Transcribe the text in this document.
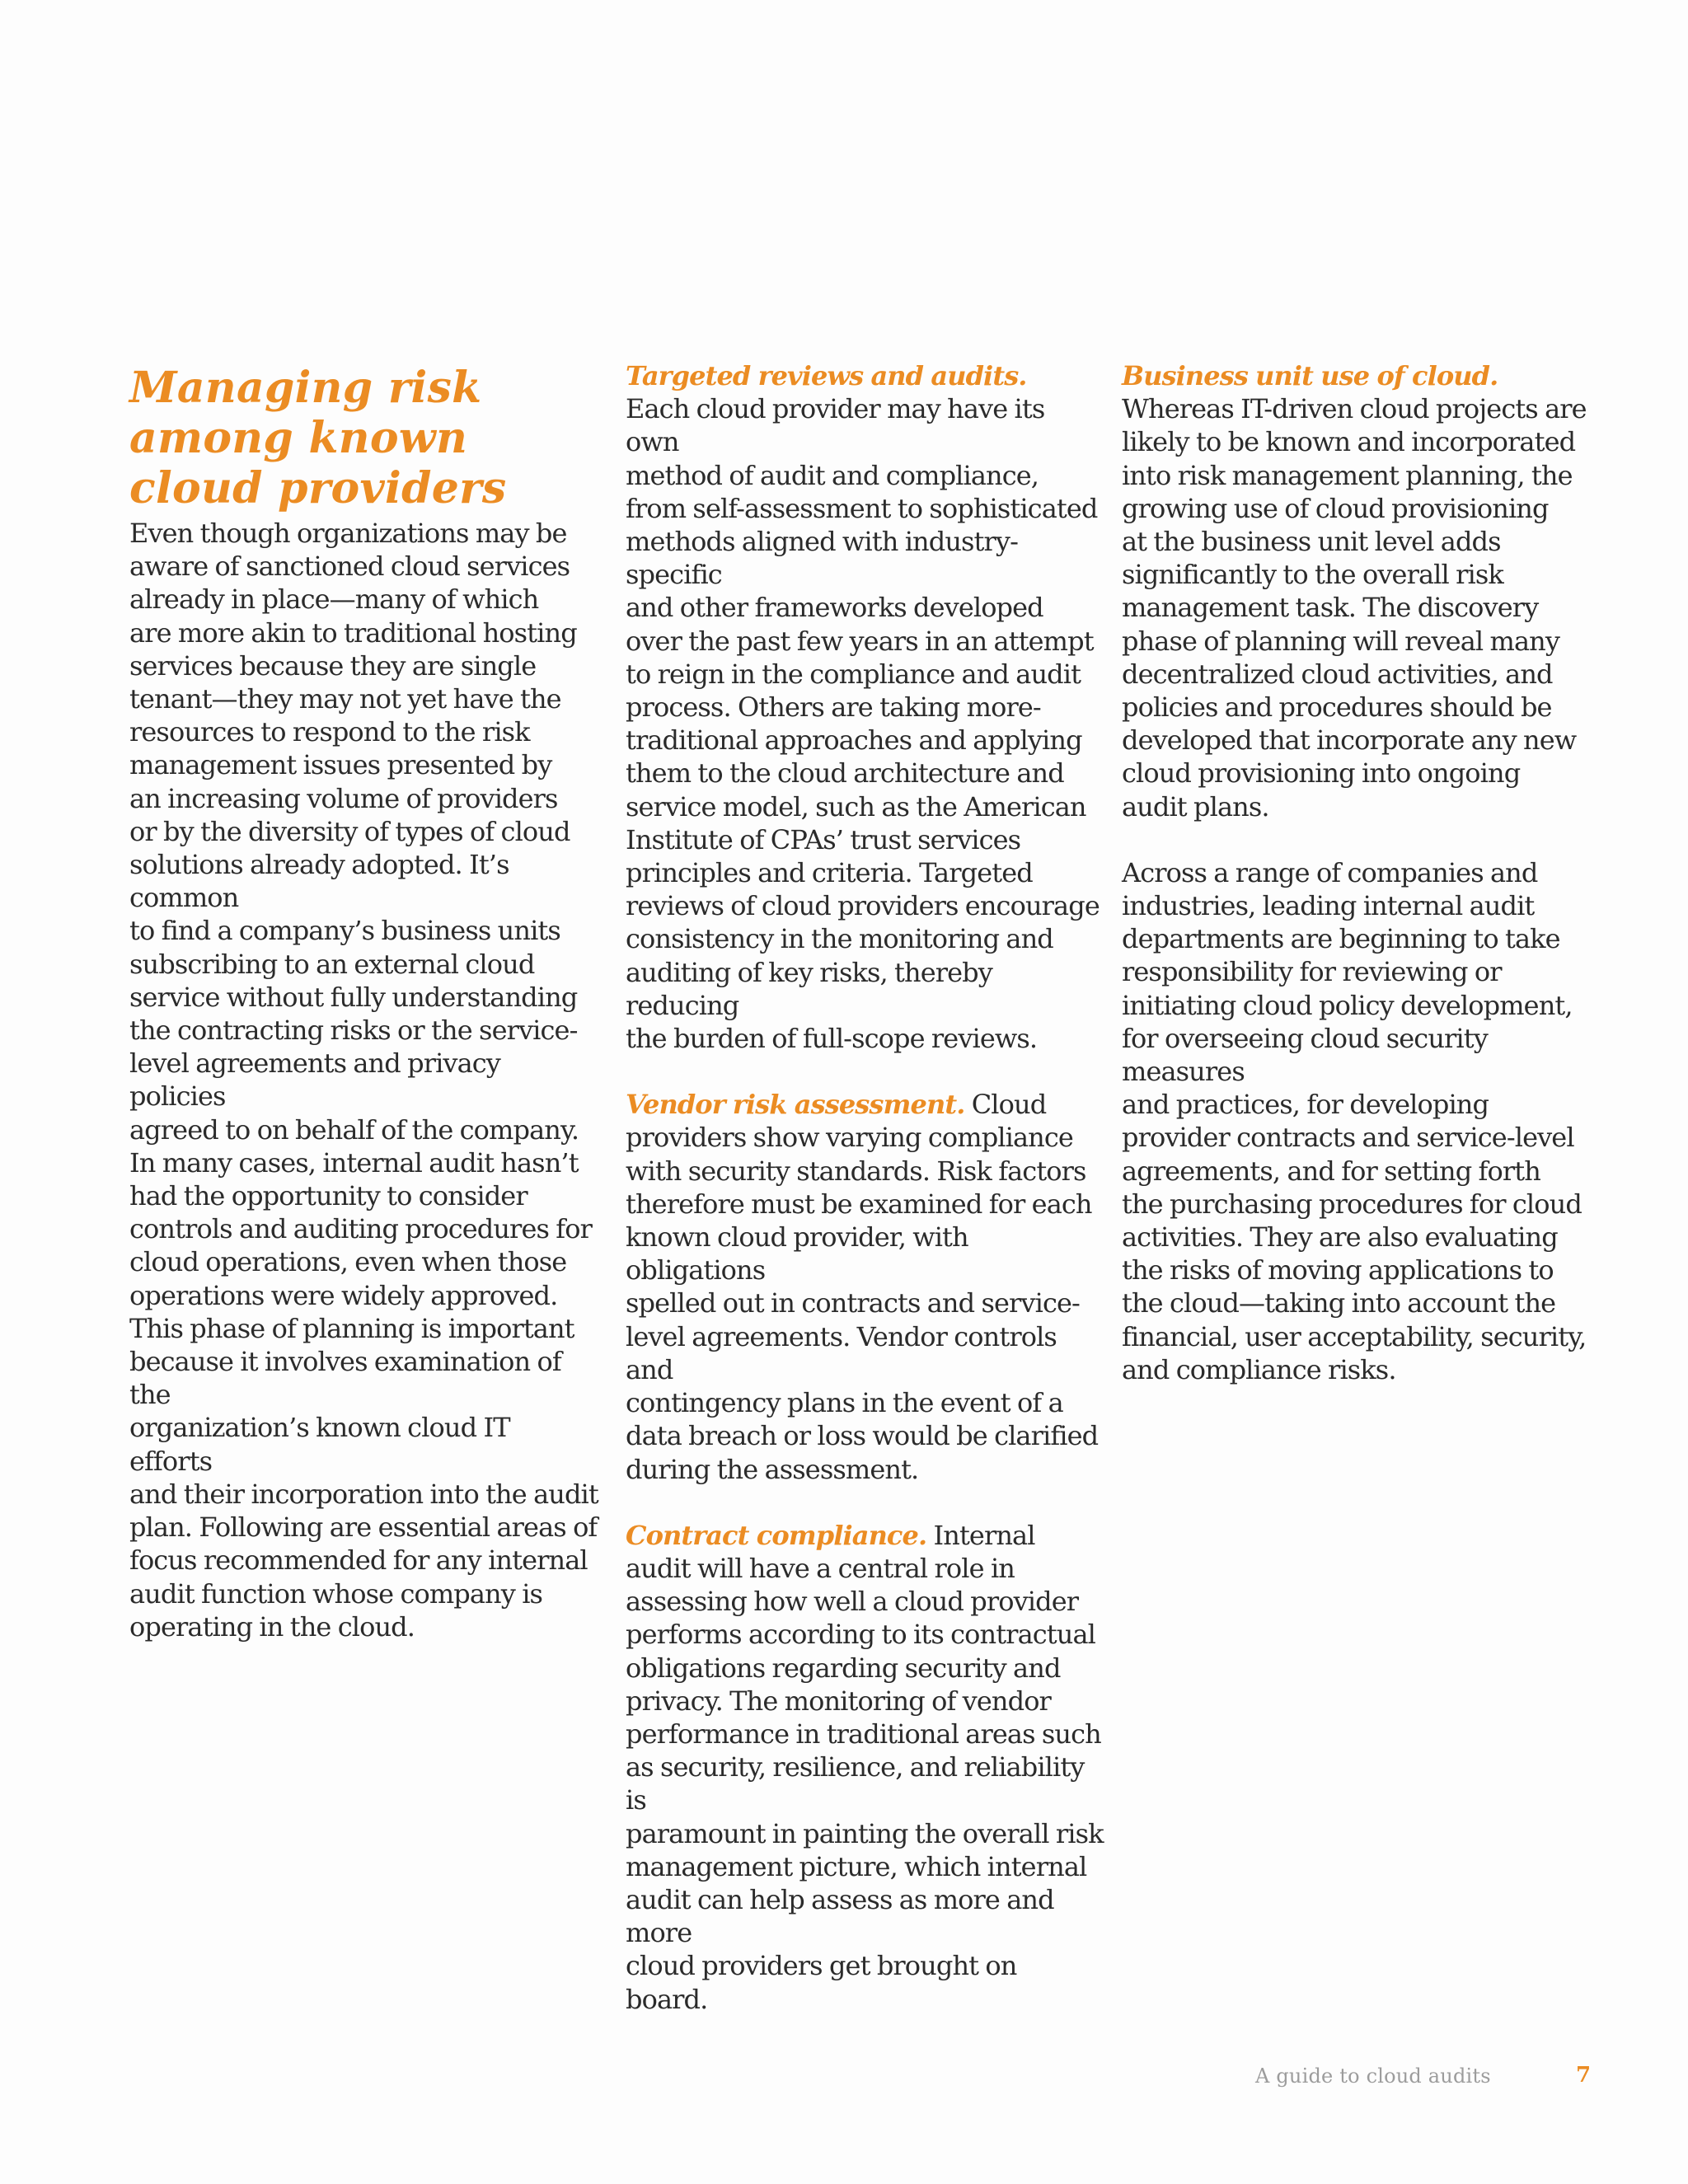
Managing risk
among known
cloud providers

Even though organizations may be
aware of sanctioned cloud services
already in place—many of which
are more akin to traditional hosting
services because they are single
tenant—they may not yet have the
resources to respond to the risk
management issues presented by
an increasing volume of providers
or by the diversity of types of cloud
solutions already adopted. It’s common
to find a company’s business units
subscribing to an external cloud
service without fully understanding
the contracting risks or the service-
level agreements and privacy policies
agreed to on behalf of the company.
In many cases, internal audit hasn’t
had the opportunity to consider
controls and auditing procedures for
cloud operations, even when those
operations were widely approved.
This phase of planning is important
because it involves examination of the
organization’s known cloud IT efforts
and their incorporation into the audit
plan. Following are essential areas of
focus recommended for any internal
audit function whose company is
operating in the cloud.

Targeted reviews and audits.
Each cloud provider may have its own
method of audit and compliance,
from self-assessment to sophisticated
methods aligned with industry-specific
and other frameworks developed
over the past few years in an attempt
to reign in the compliance and audit
process. Others are taking more-
traditional approaches and applying
them to the cloud architecture and
service model, such as the American
Institute of CPAs’ trust services
principles and criteria. Targeted
reviews of cloud providers encourage
consistency in the monitoring and
auditing of key risks, thereby reducing
the burden of full-scope reviews.

Vendor risk assessment. Cloud
providers show varying compliance
with security standards. Risk factors
therefore must be examined for each
known cloud provider, with obligations
spelled out in contracts and service-
level agreements. Vendor controls and
contingency plans in the event of a
data breach or loss would be clarified
during the assessment.

Contract compliance. Internal
audit will have a central role in
assessing how well a cloud provider
performs according to its contractual
obligations regarding security and
privacy. The monitoring of vendor
performance in traditional areas such
as security, resilience, and reliability is
paramount in painting the overall risk
management picture, which internal
audit can help assess as more and more
cloud providers get brought on board.

Business unit use of cloud.
Whereas IT-driven cloud projects are
likely to be known and incorporated
into risk management planning, the
growing use of cloud provisioning
at the business unit level adds
significantly to the overall risk
management task. The discovery
phase of planning will reveal many
decentralized cloud activities, and
policies and procedures should be
developed that incorporate any new
cloud provisioning into ongoing
audit plans.

Across a range of companies and
industries, leading internal audit
departments are beginning to take
responsibility for reviewing or
initiating cloud policy development,
for overseeing cloud security measures
and practices, for developing
provider contracts and service-level
agreements, and for setting forth
the purchasing procedures for cloud
activities. They are also evaluating
the risks of moving applications to
the cloud—taking into account the
financial, user acceptability, security,
and compliance risks.

A guide to cloud audits	7
